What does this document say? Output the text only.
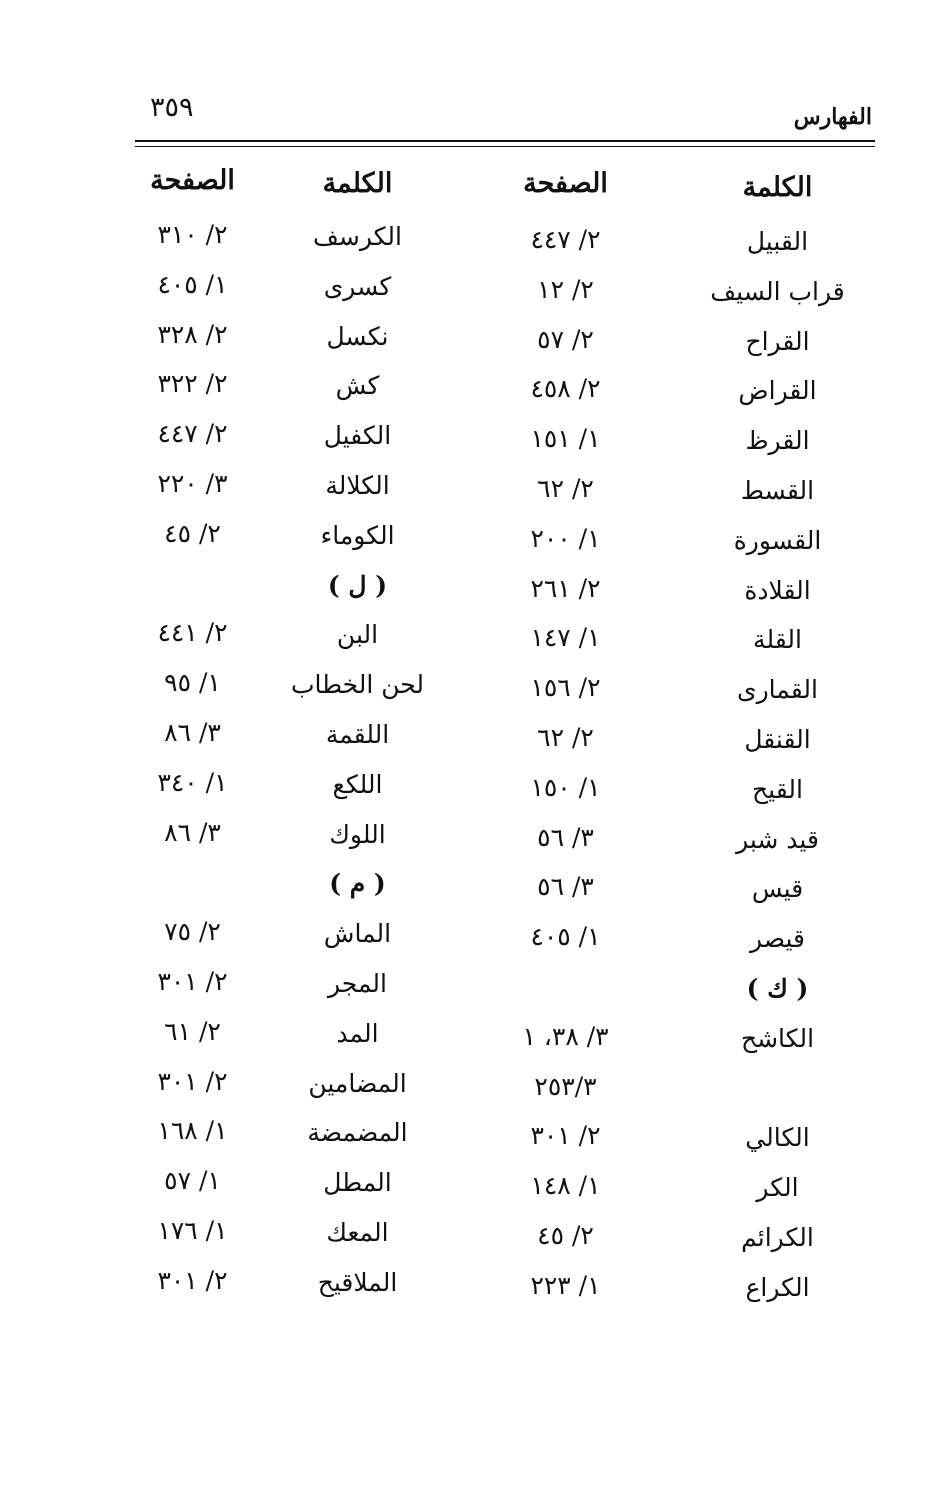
٣٥٩	الفهارس
الكلمة
القبيل
قراب السيف
القراح
القراض
القرظ
القسط
القسورة
القلادة
القلة
القمارى
القنقل
القيح
قيد شبر
قيس
قيصر
( ك )
الكاشح
الكالي
الكر
الكرائم
الكراع
الصفحة
٢/ ٤٤٧
٢/ ١٢
٢/ ٥٧
٢/ ٤٥٨
١/ ١٥١
٢/ ٦٢
١/ ٢٠٠
٢/ ٢٦١
١/ ١٤٧
٢/ ١٥٦
٢/ ٦٢
١/ ١٥٠
٣/ ٥٦
٣/ ٥٦
١/ ٤٠٥
٣/ ٣٨، ١
٢٥٣/٣
٢/ ٣٠١
١/ ١٤٨
٢/ ٤٥
١/ ٢٢٣
الكلمة
الكرسف
كسرى
نكسل
كش
الكفيل
الكلالة
الكوماء
( ل )
البن
لحن الخطاب
اللقمة
اللكع
اللوك
( م )
الماش
المجر
المد
المضامين
المضمضة
المطل
المعك
الملاقيح
الصفحة
٢/ ٣١٠
١/ ٤٠٥
٢/ ٣٢٨
٢/ ٣٢٢
٢/ ٤٤٧
٣/ ٢٢٠
٢/ ٤٥
٢/ ٤٤١
١/ ٩٥
٣/ ٨٦
١/ ٣٤٠
٣/ ٨٦
٢/ ٧٥
٢/ ٣٠١
٢/ ٦١
٢/ ٣٠١
١/ ١٦٨
١/ ٥٧
١/ ١٧٦
٢/ ٣٠١
